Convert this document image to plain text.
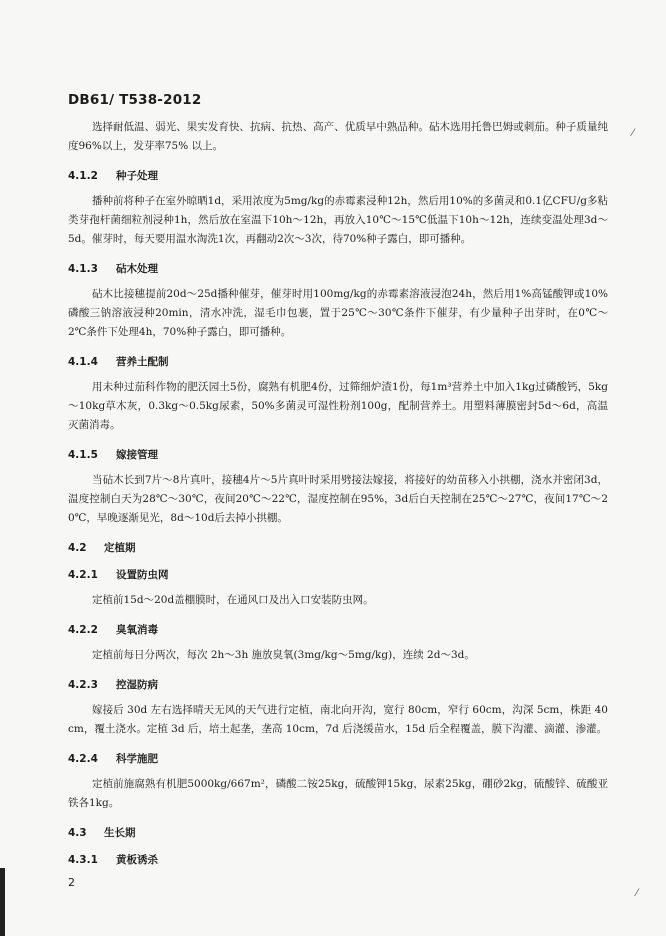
DB61/ T538-2012

选择耐低温、弱光、果实发育快、抗病、抗热、高产、优质早中熟品种。砧木选用托鲁巴姆或刺茄。种子质量纯度96%以上，发芽率75% 以上。

4.1.2 种子处理

播种前将种子在室外晾晒1d，采用浓度为5mg/kg的赤霉素浸种12h，然后用10%的多菌灵和0.1亿CFU/g多粘类芽孢杆菌细粒剂浸种1h，然后放在室温下10h～12h，再放入10℃～15℃低温下10h～12h，连续变温处理3d～5d。催芽时，每天要用温水淘洗1次，再翻动2次～3次，待70%种子露白，即可播种。

4.1.3 砧木处理

砧木比接穗提前20d～25d播种催芽，催芽时用100mg/kg的赤霉素溶液浸泡24h，然后用1%高锰酸钾或10%磷酸三钠溶液浸种20min，清水冲洗，湿毛巾包裹，置于25℃～30℃条件下催芽，有少量种子出芽时，在0℃～2℃条件下处理4h，70%种子露白，即可播种。

4.1.4 营养土配制

用未种过茄科作物的肥沃园土5份，腐熟有机肥4份，过筛细炉渣1份，每1m³营养土中加入1kg过磷酸钙，5kg～10kg草木灰，0.3kg～0.5kg尿素，50%多菌灵可湿性粉剂100g，配制营养土。用塑料薄膜密封5d～6d，高温灭菌消毒。

4.1.5 嫁接管理

当砧木长到7片～8片真叶，接穗4片～5片真叶时采用劈接法嫁接，将接好的幼苗移入小拱棚，浇水并密闭3d，温度控制白天为28℃～30℃，夜间20℃～22℃，湿度控制在95%，3d后白天控制在25℃～27℃，夜间17℃～20℃，早晚逐渐见光，8d～10d后去掉小拱棚。

4.2 定植期
4.2.1 设置防虫网

定植前15d～20d盖棚膜时，在通风口及出入口安装防虫网。

4.2.2 臭氧消毒

定植前每日分两次，每次 2h～3h 施放臭氧(3mg/kg～5mg/kg)，连续 2d～3d。

4.2.3 控湿防病

嫁接后 30d 左右选择晴天无风的天气进行定植，南北向开沟，宽行 80cm，窄行 60cm，沟深 5cm，株距 40cm，覆土浇水。定植 3d 后，培土起垄，垄高 10cm，7d 后浇缓苗水，15d 后全程覆盖，膜下沟灌、滴灌、渗灌。

4.2.4 科学施肥

定植前施腐熟有机肥5000kg/667m²，磷酸二铵25kg，硫酸钾15kg，尿素25kg，硼砂2kg，硫酸锌、硫酸亚铁各1kg。

4.3 生长期
4.3.1 黄板诱杀
2
⁄
⁄
